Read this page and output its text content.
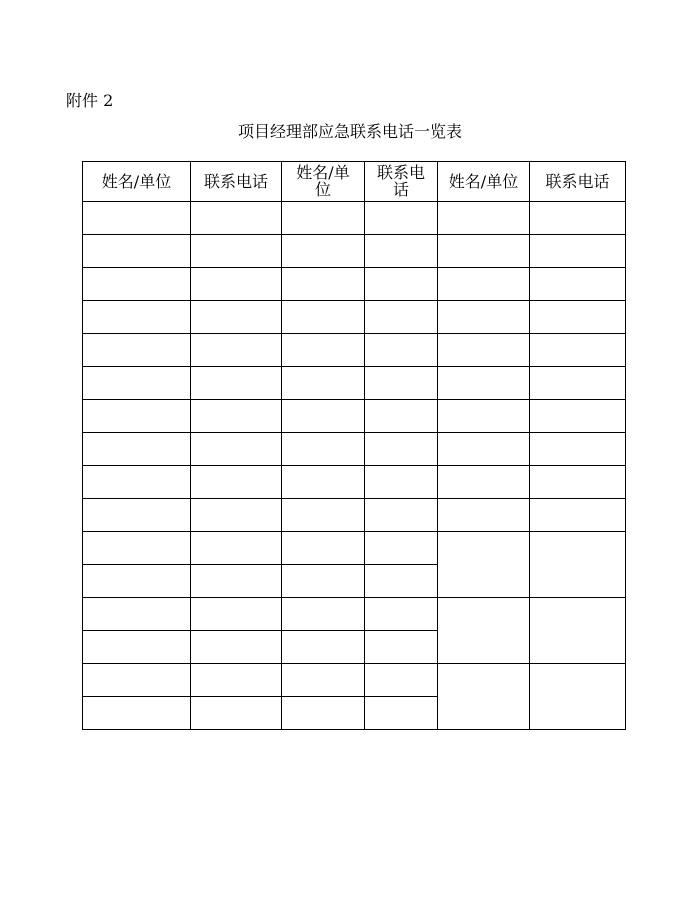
附件 2
项目经理部应急联系电话一览表
姓名/单位	联系电话	姓名/单位	联系电话	姓名/单位	联系电话
